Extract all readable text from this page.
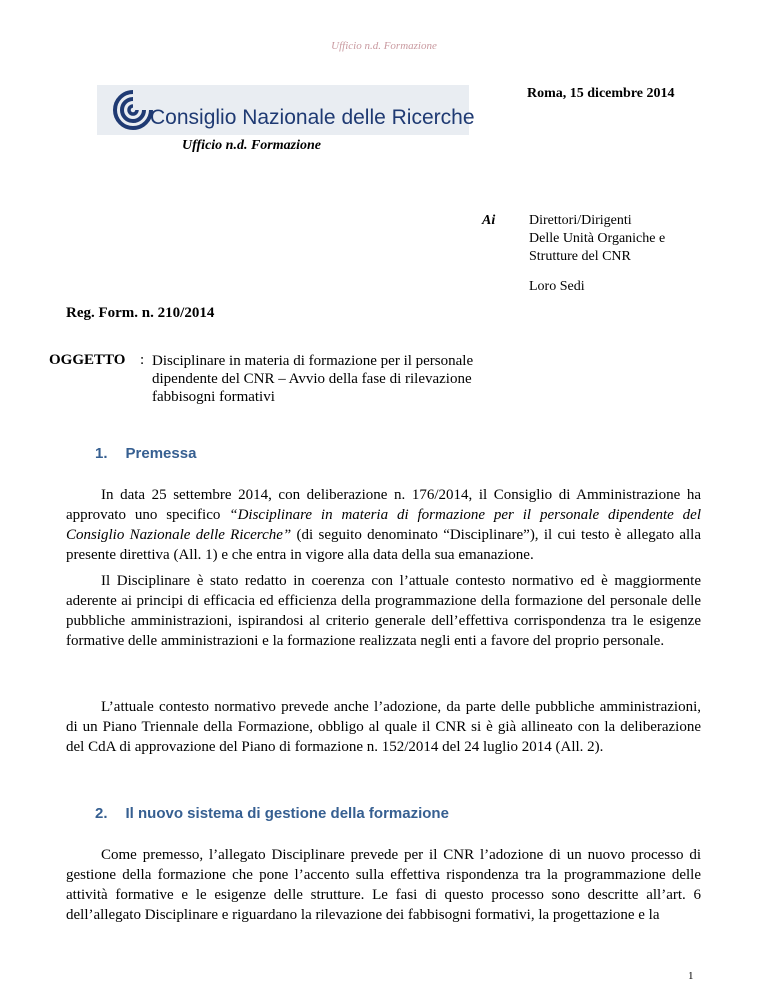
Ufficio n.d. Formazione
Roma, 15 dicembre 2014
Consiglio Nazionale delle Ricerche
Ufficio n.d. Formazione
Ai Direttori/Dirigenti
Delle Unità Organiche e
Strutture del CNR
Loro Sedi
Reg. Form. n. 210/2014
OGGETTO : Disciplinare in materia di formazione per il personale dipendente del CNR – Avvio della fase di rilevazione fabbisogni formativi
1. Premessa
In data 25 settembre 2014, con deliberazione n. 176/2014, il Consiglio di Amministrazione ha approvato uno specifico “Disciplinare in materia di formazione per il personale dipendente del Consiglio Nazionale delle Ricerche” (di seguito denominato “Disciplinare”), il cui testo è allegato alla presente direttiva (All. 1) e che entra in vigore alla data della sua emanazione.
Il Disciplinare è stato redatto in coerenza con l’attuale contesto normativo ed è maggiormente aderente ai principi di efficacia ed efficienza della programmazione della formazione del personale delle pubbliche amministrazioni, ispirandosi al criterio generale dell’effettiva corrispondenza tra le esigenze formative delle amministrazioni e la formazione realizzata negli enti a favore del proprio personale.
L’attuale contesto normativo prevede anche l’adozione, da parte delle pubbliche amministrazioni, di un Piano Triennale della Formazione, obbligo al quale il CNR si è già allineato con la deliberazione del CdA di approvazione del Piano di formazione n. 152/2014 del 24 luglio 2014 (All. 2).
2. Il nuovo sistema di gestione della formazione
Come premesso, l’allegato Disciplinare prevede per il CNR l’adozione di un nuovo processo di gestione della formazione che pone l’accento sulla effettiva rispondenza tra la programmazione delle attività formative e le esigenze delle strutture. Le fasi di questo processo sono descritte all’art. 6 dell’allegato Disciplinare e riguardano la rilevazione dei fabbisogni formativi, la progettazione e la
1
